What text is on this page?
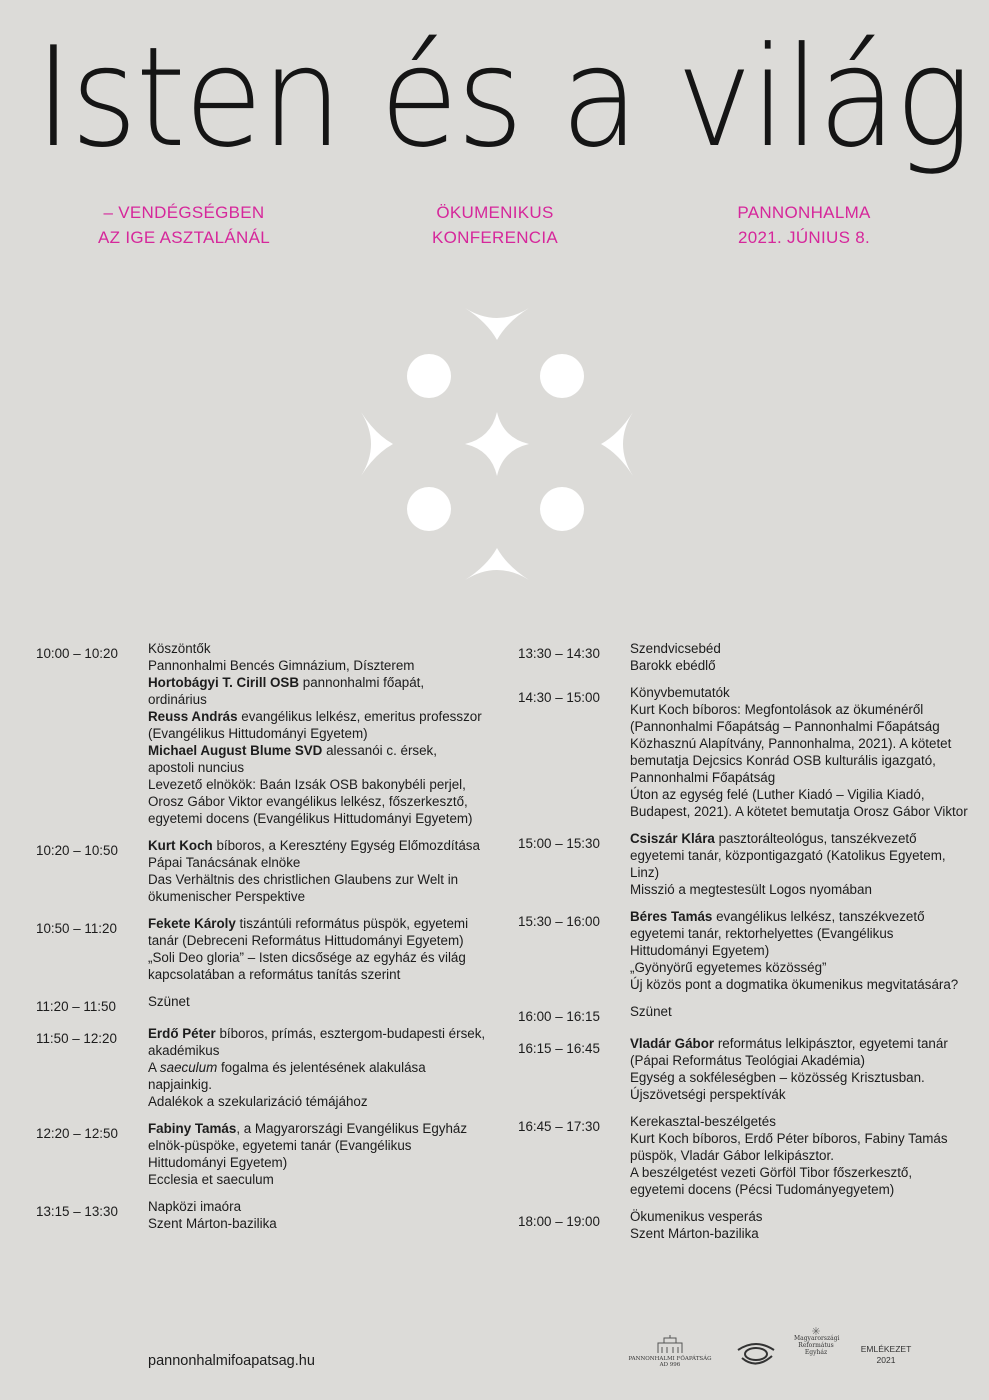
Isten és a világ
– VENDÉGSÉGBEN
AZ IGE ASZTALÁNÁL
ÖKUMENIKUS
KONFERENCIA
PANNONHALMA
2021. JÚNIUS 8.
10:00 – 10:20	Köszöntők
Pannonhalmi Bencés Gimnázium, Díszterem
Hortobágyi T. Cirill OSB pannonhalmi főapát, ordinárius
Reuss András evangélikus lelkész, emeritus professzor (Evangélikus Hittudományi Egyetem)
Michael August Blume SVD alessanói c. érsek, apostoli nuncius
Levezető elnökök: Baán Izsák OSB bakonybéli perjel, Orosz Gábor Viktor evangélikus lelkész, főszerkesztő, egyetemi docens (Evangélikus Hittudományi Egyetem)
10:20 – 10:50	Kurt Koch bíboros, a Keresztény Egység Előmozdítása Pápai Tanácsának elnöke
Das Verhältnis des christlichen Glaubens zur Welt in ökumenischer Perspektive
10:50 – 11:20	Fekete Károly tiszántúli református püspök, egyetemi tanár (Debreceni Református Hittudományi Egyetem)
„Soli Deo gloria” – Isten dicsősége az egyház és világ kapcsolatában a református tanítás szerint
11:20 – 11:50	Szünet
11:50 – 12:20	Erdő Péter bíboros, prímás, esztergom-budapesti érsek, akadémikus
A saeculum fogalma és jelentésének alakulása napjainkig.
Adalékok a szekularizáció témájához
12:20 – 12:50	Fabiny Tamás, a Magyarországi Evangélikus Egyház elnök-püspöke, egyetemi tanár (Evangélikus Hittudományi Egyetem)
Ecclesia et saeculum
13:15 – 13:30	Napközi imaóra
Szent Márton-bazilika
13:30 – 14:30	Szendvicsebéd
Barokk ebédlő
14:30 – 15:00	Könyvbemutatók
Kurt Koch bíboros: Megfontolások az ökuménéről (Pannonhalmi Főapátság – Pannonhalmi Főapátság Közhasznú Alapítvány, Pannonhalma, 2021). A kötetet bemutatja Dejcsics Konrád OSB kulturális igazgató, Pannonhalmi Főapátság
Úton az egység felé (Luther Kiadó – Vigilia Kiadó, Budapest, 2021). A kötetet bemutatja Orosz Gábor Viktor
15:00 – 15:30	Csiszár Klára pasztorálteológus, tanszékvezető egyetemi tanár, központigazgató (Katolikus Egyetem, Linz)
Misszió a megtestesült Logos nyomában
15:30 – 16:00	Béres Tamás evangélikus lelkész, tanszékvezető egyetemi tanár, rektorhelyettes (Evangélikus Hittudományi Egyetem)
„Gyönyörű egyetemes közösség”
Új közös pont a dogmatika ökumenikus megvitatására?
16:00 – 16:15	Szünet
16:15 – 16:45	Vladár Gábor református lelkipásztor, egyetemi tanár (Pápai Református Teológiai Akadémia)
Egység a sokféleségben – közösség Krisztusban.
Újszövetségi perspektívák
16:45 – 17:30	Kerekasztal-beszélgetés
Kurt Koch bíboros, Erdő Péter bíboros, Fabiny Tamás püspök, Vladár Gábor lelkipásztor.
A beszélgetést vezeti Görföl Tibor főszerkesztő, egyetemi docens (Pécsi Tudományegyetem)
18:00 – 19:00	Ökumenikus vesperás
Szent Márton-bazilika
pannonhalmifoapatsag.hu	PANNONHALMI FŐAPÁTSÁG
AD 996
✳
Magyarországi
Református
Egyház	EMLÉKEZET
2021
